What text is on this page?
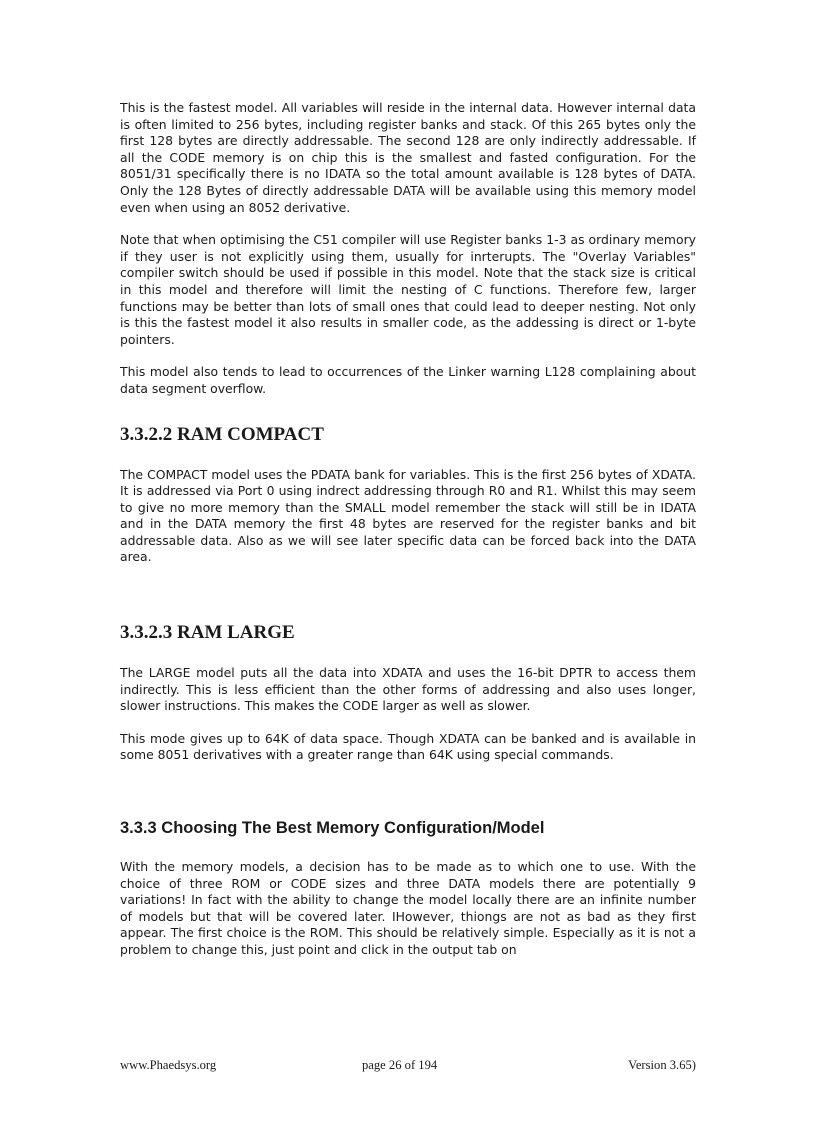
This is the fastest model. All variables will reside in the internal data. However internal data is often limited to 256 bytes, including register banks and stack. Of this 265 bytes only the first 128 bytes are directly addressable. The second 128 are only indirectly addressable. If all the CODE memory is on chip this is the smallest and fasted configuration. For the 8051/31 specifically there is no IDATA so the total amount available is 128 bytes of DATA. Only the 128 Bytes of directly addressable DATA will be available using this memory model even when using an 8052 derivative.

Note that when optimising the C51 compiler will use Register banks 1-3 as ordinary memory if they user is not explicitly using them, usually for inrterupts. The "Overlay Variables" compiler switch should be used if possible in this model. Note that the stack size is critical in this model and therefore will limit the nesting of C functions. Therefore few, larger functions may be better than lots of small ones that could lead to deeper nesting. Not only is this the fastest model it also results in smaller code, as the addessing is direct or 1-byte pointers.

This model also tends to lead to occurrences of the Linker warning L128 complaining about data segment overflow.

3.3.2.2 RAM COMPACT

The COMPACT model uses the PDATA bank for variables. This is the first 256 bytes of XDATA. It is addressed via Port 0 using indrect addressing through R0 and R1. Whilst this may seem to give no more memory than the SMALL model remember the stack will still be in IDATA and in the DATA memory the first 48 bytes are reserved for the register banks and bit addressable data. Also as we will see later specific data can be forced back into the DATA area.

3.3.2.3 RAM LARGE

The LARGE model puts all the data into XDATA and uses the 16-bit DPTR to access them indirectly. This is less efficient than the other forms of addressing and also uses longer, slower instructions. This makes the CODE larger as well as slower.

This mode gives up to 64K of data space. Though XDATA can be banked and is available in some 8051 derivatives with a greater range than 64K using special commands.

3.3.3 Choosing The Best Memory Configuration/Model

With the memory models, a decision has to be made as to which one to use. With the choice of three ROM or CODE sizes and three DATA models there are potentially 9 variations! In fact with the ability to change the model locally there are an infinite number of models but that will be covered later. IHowever, thiongs are not as bad as they first appear. The first choice is the ROM. This should be relatively simple. Especially as it is not a problem to change this, just point and click in the output tab on

www.Phaedsys.org	page 26 of 194	Version 3.65)
